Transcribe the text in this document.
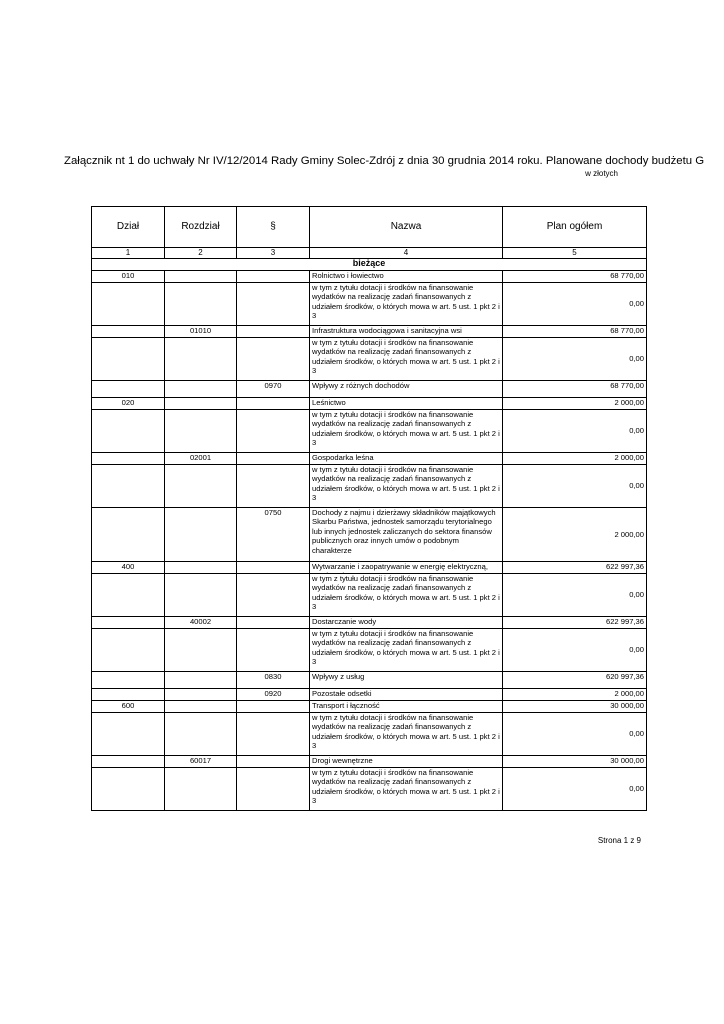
Załącznik nt 1 do uchwały Nr IV/12/2014 Rady Gminy Solec-Zdrój z dnia 30 grudnia 2014 roku. Planowane dochody budżetu G
w złotych
Dział	Rozdział	§	Nazwa	Plan ogółem
1	2	3	4	5
bieżące				

010			Rolnictwo i łowiectwo	68 770,00

			w tym z tytułu dotacji i środków na finansowanie wydatków na realizację zadań finansowanych z udziałem środków, o których mowa w art. 5 ust. 1 pkt 2 i 3	0,00

	01010		Infrastruktura wodociągowa i sanitacyjna wsi	68 770,00

			w tym z tytułu dotacji i środków na finansowanie wydatków na realizację zadań finansowanych z udziałem środków, o których mowa w art. 5 ust. 1 pkt 2 i 3	0,00

		0970	Wpływy z różnych dochodów	68 770,00

020			Leśnictwo	2 000,00

			w tym z tytułu dotacji i środków na finansowanie wydatków na realizację zadań finansowanych z udziałem środków, o których mowa w art. 5 ust. 1 pkt 2 i 3	0,00

	02001		Gospodarka leśna	2 000,00

			w tym z tytułu dotacji i środków na finansowanie wydatków na realizację zadań finansowanych z udziałem środków, o których mowa w art. 5 ust. 1 pkt 2 i 3	0,00

		0750	Dochody z najmu i dzierżawy składników majątkowych Skarbu Państwa, jednostek samorządu terytorialnego lub innych jednostek zaliczanych do sektora finansów publicznych oraz innych umów o podobnym charakterze	2 000,00

400			Wytwarzanie i zaopatrywanie w energię elektryczną,	622 997,36

			w tym z tytułu dotacji i środków na finansowanie wydatków na realizację zadań finansowanych z udziałem środków, o których mowa w art. 5 ust. 1 pkt 2 i 3	0,00

	40002		Dostarczanie wody	622 997,36

			w tym z tytułu dotacji i środków na finansowanie wydatków na realizację zadań finansowanych z udziałem środków, o których mowa w art. 5 ust. 1 pkt 2 i 3	0,00

		0830	Wpływy z usług	620 997,36

		0920	Pozostałe odsetki	2 000,00

600			Transport i łączność	30 000,00

			w tym z tytułu dotacji i środków na finansowanie wydatków na realizację zadań finansowanych z udziałem środków, o których mowa w art. 5 ust. 1 pkt 2 i 3	0,00

	60017		Drogi wewnętrzne	30 000,00

			w tym z tytułu dotacji i środków na finansowanie wydatków na realizację zadań finansowanych z udziałem środków, o których mowa w art. 5 ust. 1 pkt 2 i 3	0,00
Strona 1 z 9
